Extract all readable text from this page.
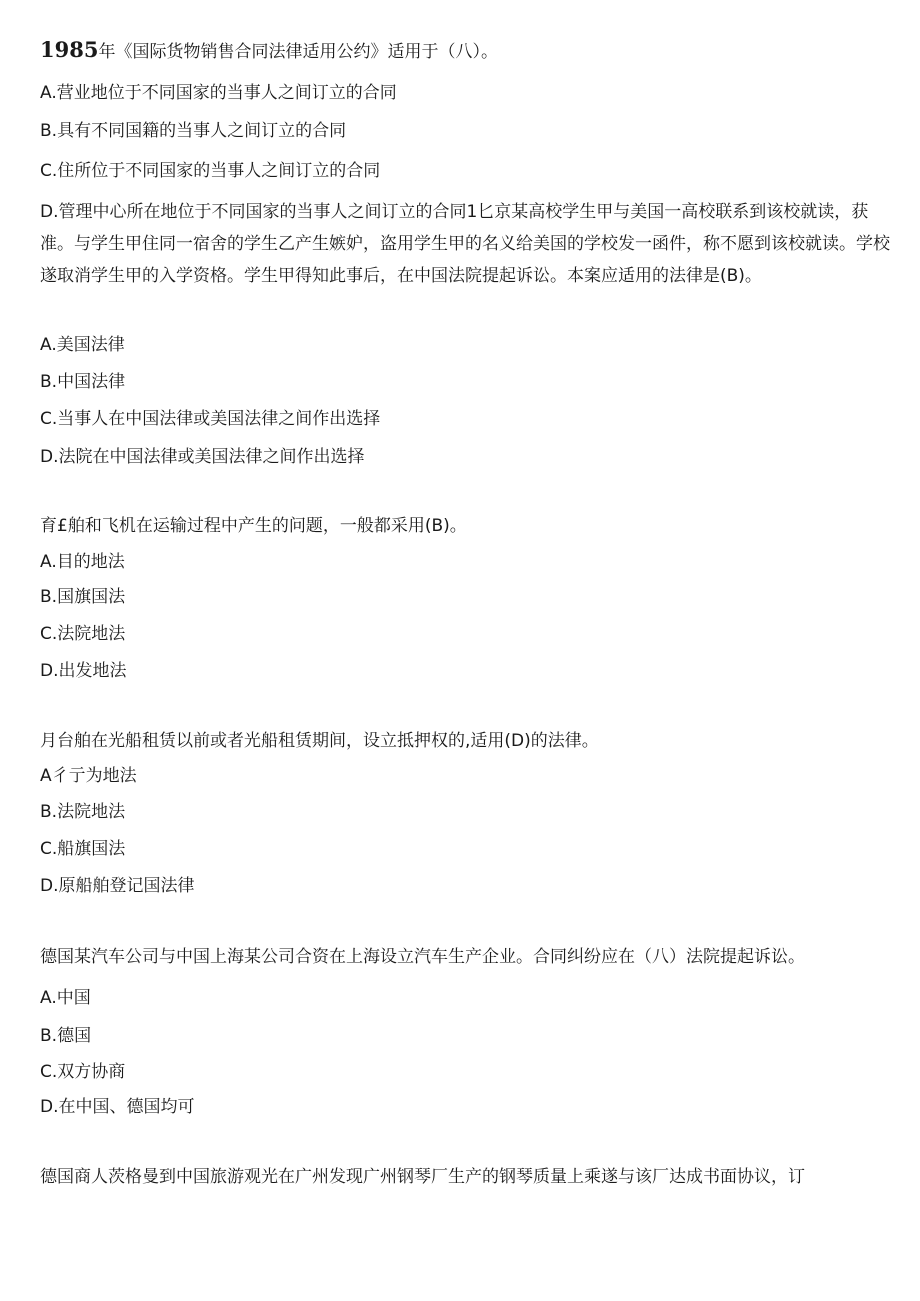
1985年《国际货物销售合同法律适用公约》适用于（八）。
A.营业地位于不同国家的当事人之间订立的合同
B.具有不同国籍的当事人之间订立的合同
C.住所位于不同国家的当事人之间订立的合同
D.管理中心所在地位于不同国家的当事人之间订立的合同1匕京某高校学生甲与美国一高校联系到该校就读，获准。与学生甲住同一宿舍的学生乙产生嫉妒，盗用学生甲的名义给美国的学校发一函件，称不愿到该校就读。学校遂取消学生甲的入学资格。学生甲得知此事后，在中国法院提起诉讼。本案应适用的法律是(B)。
A.美国法律
B.中国法律
C.当事人在中国法律或美国法律之间作出选择
D.法院在中国法律或美国法律之间作出选择
育£舶和飞机在运输过程中产生的问题，一般都采用(B)。
A.目的地法
B.国旗国法
C.法院地法
D.出发地法
月台舶在光船租赁以前或者光船租赁期间，设立抵押权的,适用(D)的法律。
A彳亍为地法
B.法院地法
C.船旗国法
D.原船舶登记国法律
德国某汽车公司与中国上海某公司合资在上海设立汽车生产企业。合同纠纷应在（八）法院提起诉讼。
A.中国
B.德国
C.双方协商
D.在中国、德国均可
德国商人茨格曼到中国旅游观光在广州发现广州钢琴厂生产的钢琴质量上乘遂与该厂达成书面协议，订
